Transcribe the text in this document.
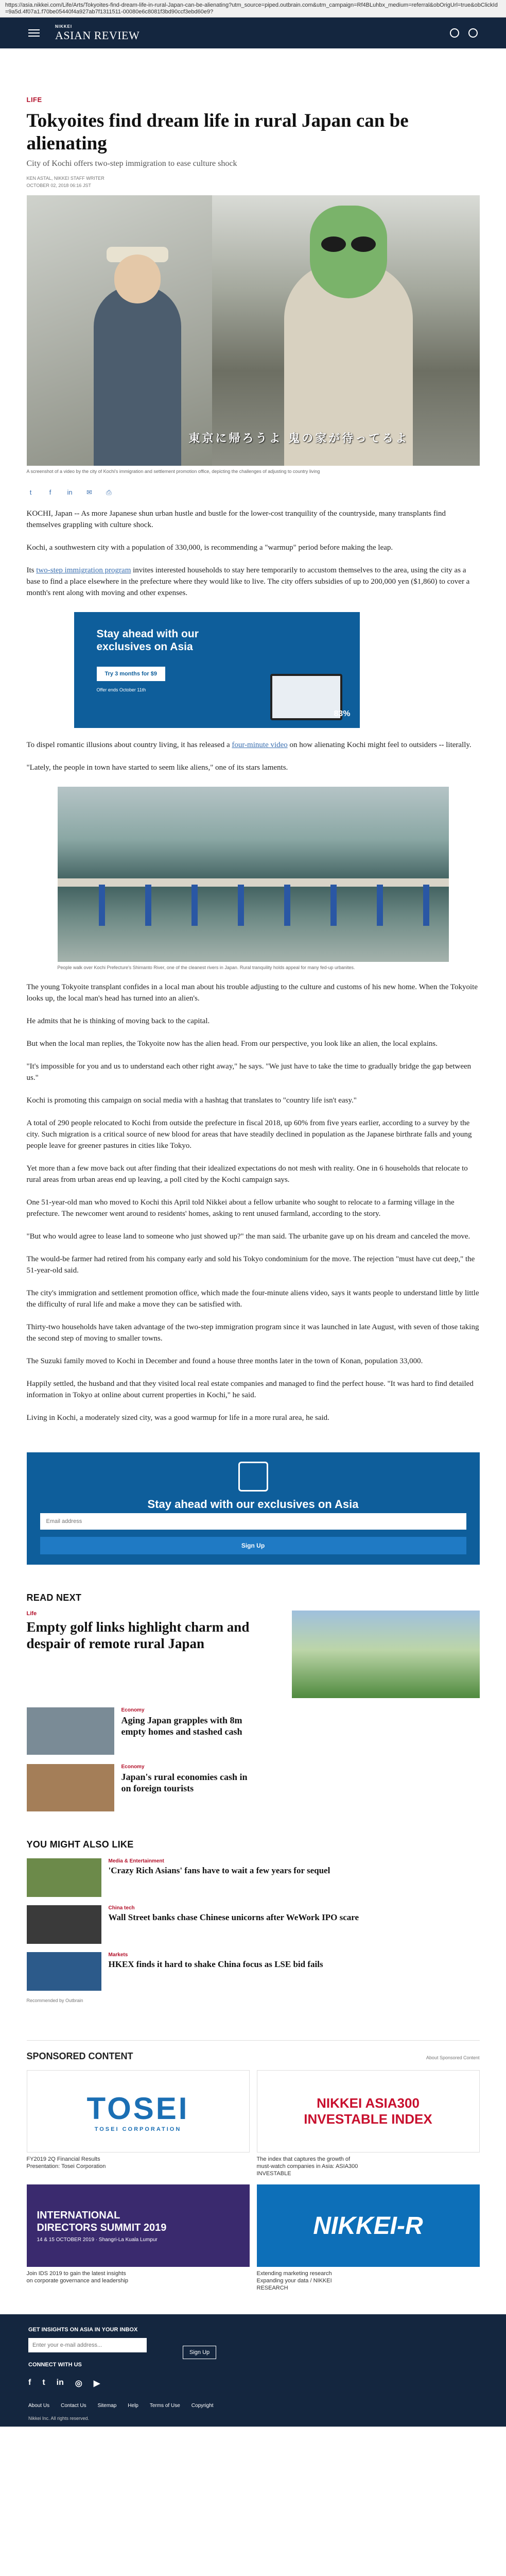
https://asia.nikkei.com/Life/Arts/Tokyoites-find-dream-life-in-rural-Japan-can-be-alienating?utm_source=piped.outbrain.com&utm_campaign=Rf4BLuhbx_medium=referral&obOrigUrl=true&obClickId=9a5d.4f07a1.f70be05440f4a927ab7f1311511-00080e6c8081f3bd90ccf3ebd60e9?
NIKKEI
ASIAN REVIEW
LIFE
Tokyoites find dream life in rural Japan can be alienating
City of Kochi offers two-step immigration to ease culture shock
KEN ASTAL, NIKKEI STAFF WRITER
OCTOBER 02, 2018 06:16 JST
東京に帰ろうよ 鬼の家が待ってるよ
A screenshot of a video by the city of Kochi's immigration and settlement promotion office, depicting the challenges of adjusting to country living
t	f	in ✉ ⎙

KOCHI, Japan -- As more Japanese shun urban hustle and bustle for the lower-cost tranquility of the countryside, many transplants find themselves grappling with culture shock.

Kochi, a southwestern city with a population of 330,000, is recommending a "warmup" period before making the leap.

Its two-step immigration program invites interested households to stay here temporarily to accustom themselves to the area, using the city as a base to find a place elsewhere in the prefecture where they would like to live. The city offers subsidies of up to 200,000 yen ($1,860) to cover a month's rent along with moving and other expenses.

Stay ahead with our exclusives on Asia
Try 3 months for $9
Offer ends October 11th
83%

To dispel romantic illusions about country living, it has released a four-minute video on how alienating Kochi might feel to outsiders -- literally.

"Lately, the people in town have started to seem like aliens," one of its stars laments.

People walk over Kochi Prefecture's Shimanto River, one of the cleanest rivers in Japan. Rural tranquility holds appeal for many fed-up urbanites.

The young Tokyoite transplant confides in a local man about his trouble adjusting to the culture and customs of his new home. When the Tokyoite looks up, the local man's head has turned into an alien's.

He admits that he is thinking of moving back to the capital.

But when the local man replies, the Tokyoite now has the alien head. From our perspective, you look like an alien, the local explains.

"It's impossible for you and us to understand each other right away," he says. "We just have to take the time to gradually bridge the gap between us."

Kochi is promoting this campaign on social media with a hashtag that translates to "country life isn't easy."

A total of 290 people relocated to Kochi from outside the prefecture in fiscal 2018, up 60% from five years earlier, according to a survey by the city. Such migration is a critical source of new blood for areas that have steadily declined in population as the Japanese birthrate falls and young people leave for greener pastures in cities like Tokyo.

Yet more than a few move back out after finding that their idealized expectations do not mesh with reality. One in 6 households that relocate to rural areas from urban areas end up leaving, a poll cited by the Kochi campaign says.

One 51-year-old man who moved to Kochi this April told Nikkei about a fellow urbanite who sought to relocate to a farming village in the prefecture. The newcomer went around to residents' homes, asking to rent unused farmland, according to the story.

"But who would agree to lease land to someone who just showed up?" the man said. The urbanite gave up on his dream and canceled the move.

The would-be farmer had retired from his company early and sold his Tokyo condominium for the move. The rejection "must have cut deep," the 51-year-old said.

The city's immigration and settlement promotion office, which made the four-minute aliens video, says it wants people to understand little by little the difficulty of rural life and make a move they can be satisfied with.

Thirty-two households have taken advantage of the two-step immigration program since it was launched in late August, with seven of those taking the second step of moving to smaller towns.

The Suzuki family moved to Kochi in December and found a house three months later in the town of Konan, population 33,000.

Happily settled, the husband and that they visited local real estate companies and managed to find the perfect house. "It was hard to find detailed information in Tokyo at online about current properties in Kochi," he said.

Living in Kochi, a moderately sized city, was a good warmup for life in a more rural area, he said.

Stay ahead with our exclusives on Asia
Email address
Sign Up
READ NEXT
Life
Empty golf links highlight charm and despair of remote rural Japan
Economy
Aging Japan grapples with 8m empty homes and stashed cash
Economy
Japan's rural economies cash in on foreign tourists
YOU MIGHT ALSO LIKE
Media & Entertainment
'Crazy Rich Asians' fans have to wait a few years for sequel
China tech
Wall Street banks chase Chinese unicorns after WeWork IPO scare
Markets
HKEX finds it hard to shake China focus as LSE bid fails
Recommended by Outbrain
SPONSORED CONTENT	About Sponsored Content
TOSEI
TOSEI CORPORATION
FY2019 2Q Financial Results Presentation: Tosei Corporation
NIKKEI ASIA300
INVESTABLE INDEX
The index that captures the growth of must-watch companies in Asia: ASIA300 INVESTABLE
INTERNATIONAL DIRECTORS SUMMIT 2019
14 & 15 OCTOBER 2019 · Shangri-La Kuala Lumpur
Join IDS 2019 to gain the latest insights on corporate governance and leadership
NIKKEI-R
Extending marketing research Expanding your data / NIKKEI RESEARCH
GET INSIGHTS ON ASIA IN YOUR INBOX
Enter your e-mail address...
Sign Up
CONNECT WITH US
f t in ◎ ▶
About Us Contact Us Sitemap Help Terms of Use Copyright
Nikkei Inc. All rights reserved.
